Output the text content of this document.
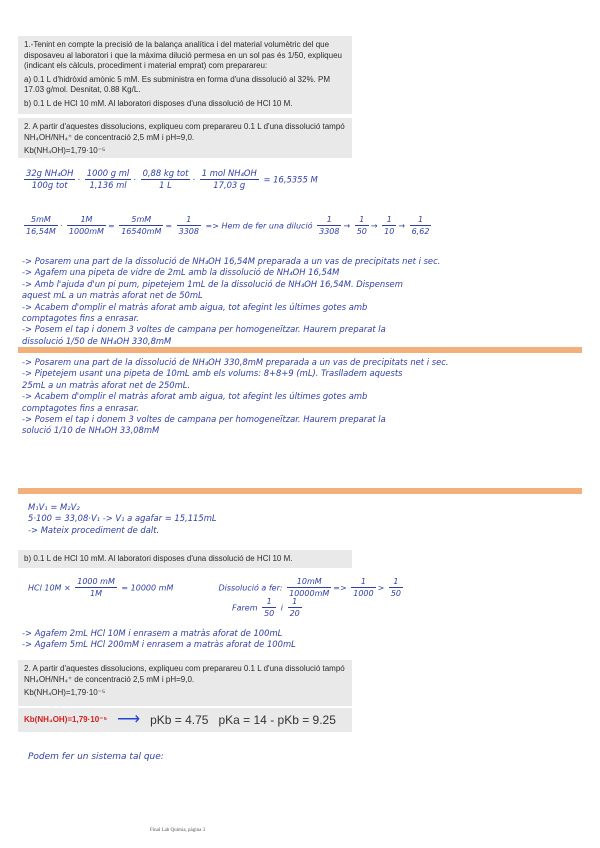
1.-Tenint en compte la precisió de la balança analítica i del material volumètric del que disposaveu al laboratori i que la màxima dilució permesa en un sol pas és 1/50, expliqueu (indicant els càlculs, procediment i material emprat) com preparareu:

a) 0.1 L d'hidròxid amònic 5 mM. Es subministra en forma d'una dissolució al 32%. PM 17.03 g/mol. Desnitat, 0.88 Kg/L.

b) 0.1 L de HCl 10 mM. Al laboratori disposes d'una dissolució de HCl 10 M.

2. A partir d'aquestes dissolucions, expliqueu com preparareu 0.1 L d'una dissolució tampó NH₄OH/NH₄⁺ de concentració 2,5 mM i pH=9,0.

Kb(NH₄OH)=1,79·10⁻⁵

$\frac{\text{32g NH₄OH}}{\text{100g tot}} \cdot \frac{\text{1000 g ml}}{1,136 ml} \cdot \frac{\text{0,88 kg tot}}{1 L} \cdot \frac{\text{1 mol NH₄OH}}{17,03 g} = 16,5355$ M
$\frac{5mM}{16,54M} \cdot \frac{1M}{1000mM} = \frac{5mM}{16540mM} = \frac{1}{3308}$ => Hem de fer una dilució $\frac{1}{3308} \to \frac{1}{50} \to \frac{1}{10} \to \frac{1}{6,62}$

-> Posarem una part de la dissolució de NH₄OH 16,54M preparada a un vas de precipitats net i sec.

-> Agafem una pipeta de vidre de 2mL amb la dissolució de NH₄OH 16,54M

-> Amb l'ajuda d'un pi pum, pipetejem 1mL de la dissolució de NH₄OH 16,54M. Dispensem

aquest mL a un matràs aforat net de 50mL

-> Acabem d'omplir el matràs aforat amb aigua, tot afegint les últimes gotes amb

comptagotes fins a enrasar.

-> Posem el tap i donem 3 voltes de campana per homogeneïtzar. Haurem preparat la

dissolució 1/50 de NH₄OH 330,8mM

-> Posarem una part de la dissolució de NH₄OH 330,8mM preparada a un vas de precipitats net i sec.

-> Pipetejem usant una pipeta de 10mL amb els volums: 8+8+9 (mL). Traslladem aquests

25mL a un matràs aforat net de 250mL.

-> Acabem d'omplir el matràs aforat amb aigua, tot afegint les últimes gotes amb

comptagotes fins a enrasar.

-> Posem el tap i donem 3 voltes de campana per homogeneïtzar. Haurem preparat la

solució 1/10 de NH₄OH 33,08mM

M₁V₁ = M₂V₂

5·100 = 33,08·V₁ -> V₁ a agafar = 15,115mL

-> Mateix procediment de dalt.

b) 0.1 L de HCl 10 mM. Al laboratori disposes d'una dissolució de HCl 10 M.

HCl $10M \times \frac{1000 mM}{1M} = 10000$ mM	Dissolució a fer: $\frac{10mM}{10000mM} => \frac{1}{1000} > \frac{1}{50}$
Farem $\frac{1}{50}$ i $\frac{1}{20}$

-> Agafem 2mL HCl 10M i enrasem a matràs aforat de 100mL

-> Agafem 5mL HCl 200mM i enrasem a matràs aforat de 100mL

2. A partir d'aquestes dissolucions, expliqueu com preparareu 0.1 L d'una dissolució tampó NH₄OH/NH₄⁺ de concentració 2,5 mM i pH=9,0.

Kb(NH₄OH)=1,79·10⁻⁵

Kb(NH₄OH)=1,79·10⁻⁵ ⟶ pKb = 4.75 pKa = 14 - pKb = 9.25

Podem fer un sistema tal que:

Final Lab Quimia, pàgina 3
